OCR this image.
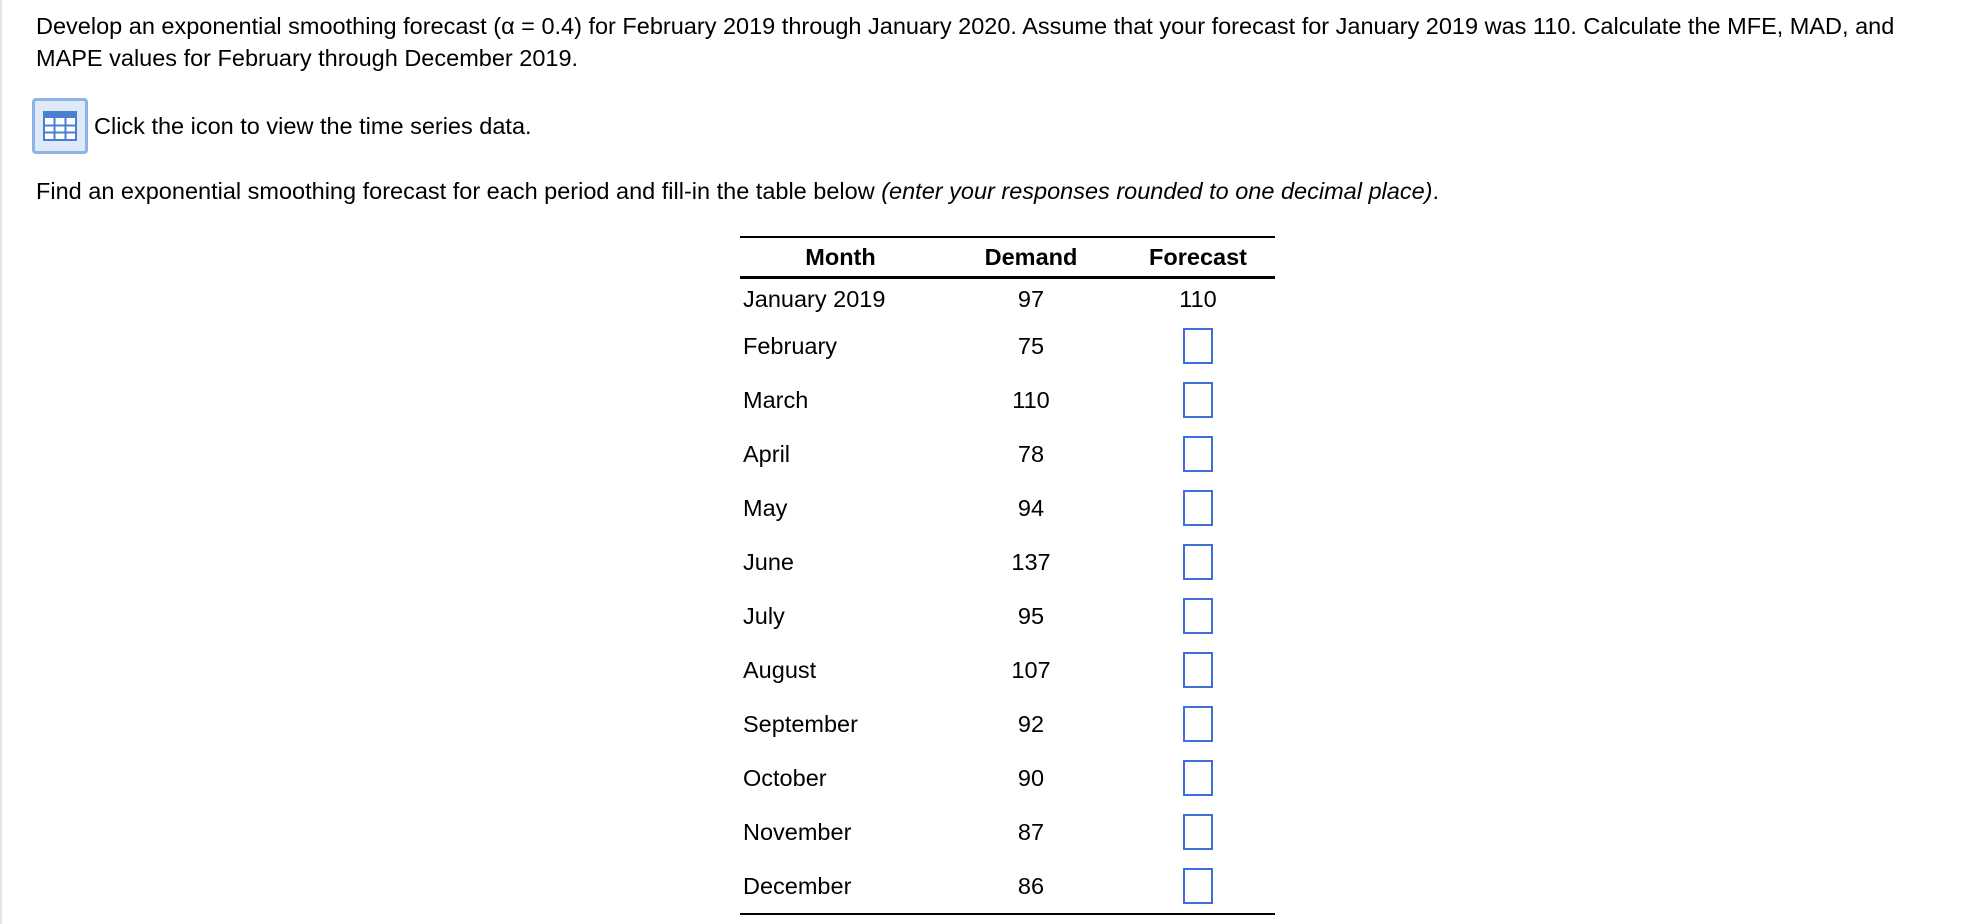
Develop an exponential smoothing forecast (α = 0.4) for February 2019 through January 2020. Assume that your forecast for January 2019 was 110. Calculate the MFE, MAD, and MAPE values for February through December 2019.
Click the icon to view the time series data.
Find an exponential smoothing forecast for each period and fill-in the table below (enter your responses rounded to one decimal place).
Month	Demand	Forecast
January 2019	97	110
February	75	
March	110	
April	78	
May	94	
June	137	
July	95	
August	107	
September	92	
October	90	
November	87	
December	86	
